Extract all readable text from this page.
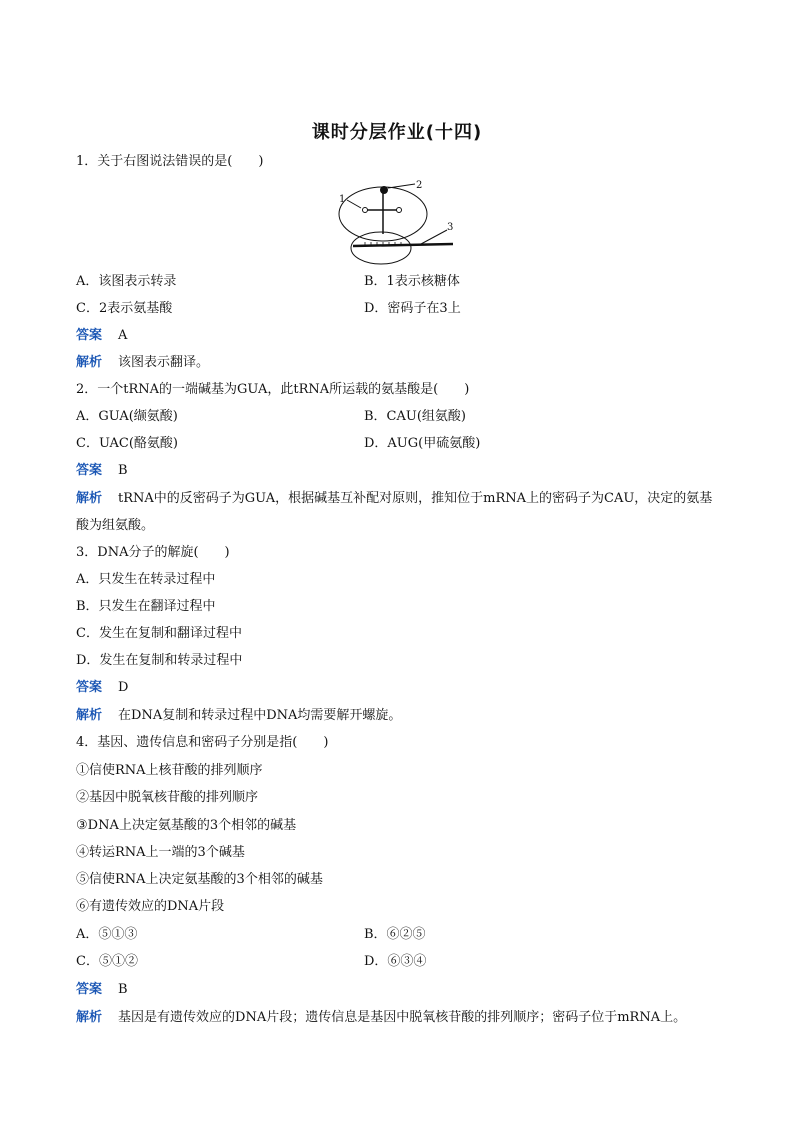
课时分层作业(十四)
1．关于右图说法错误的是(　　)
1
2
3
A．该图表示转录	B．1表示核糖体
C．2表示氨基酸	D．密码子在3上
答案 A
解析 该图表示翻译。
2．一个tRNA的一端碱基为GUA，此tRNA所运载的氨基酸是(　　)
A．GUA(缬氨酸)	B．CAU(组氨酸)
C．UAC(酪氨酸)	D．AUG(甲硫氨酸)
答案 B
解析 tRNA中的反密码子为GUA，根据碱基互补配对原则，推知位于mRNA上的密码子为CAU，决定的氨基酸为组氨酸。
3．DNA分子的解旋(　　)
A．只发生在转录过程中
B．只发生在翻译过程中
C．发生在复制和翻译过程中
D．发生在复制和转录过程中
答案 D
解析 在DNA复制和转录过程中DNA均需要解开螺旋。
4．基因、遗传信息和密码子分别是指(　　)
①信使RNA上核苷酸的排列顺序
②基因中脱氧核苷酸的排列顺序
③DNA上决定氨基酸的3个相邻的碱基
④转运RNA上一端的3个碱基
⑤信使RNA上决定氨基酸的3个相邻的碱基
⑥有遗传效应的DNA片段
A．⑤①③	B．⑥②⑤
C．⑤①②	D．⑥③④
答案 B
解析 基因是有遗传效应的DNA片段；遗传信息是基因中脱氧核苷酸的排列顺序；密码子位于mRNA上。
